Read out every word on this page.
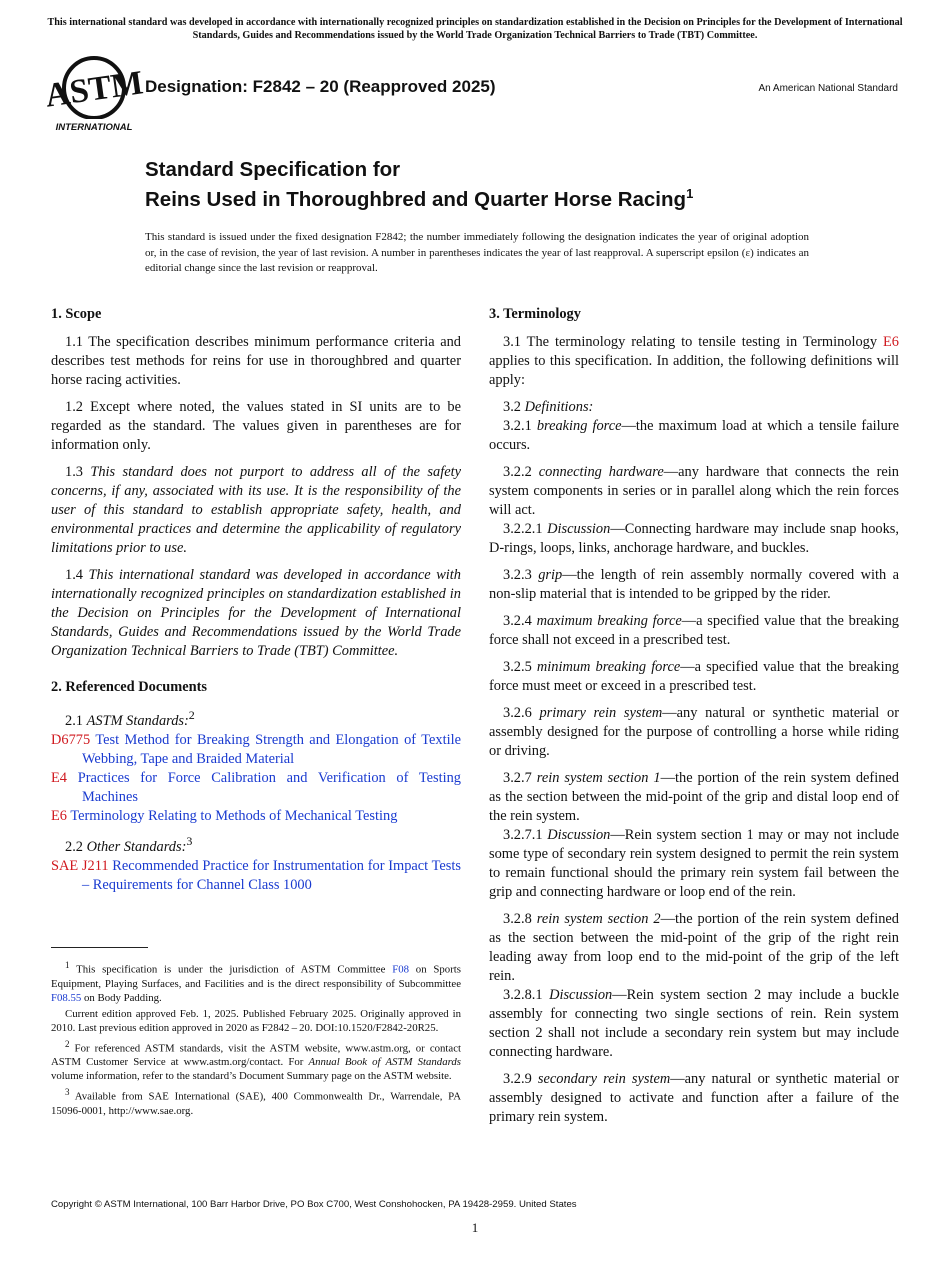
This international standard was developed in accordance with internationally recognized principles on standardization established in the Decision on Principles for the Development of International Standards, Guides and Recommendations issued by the World Trade Organization Technical Barriers to Trade (TBT) Committee.
ASTM
INTERNATIONAL
Designation: F2842 – 20 (Reapproved 2025)	An American National Standard
Standard Specification for
Reins Used in Thoroughbred and Quarter Horse Racing$^1$
This standard is issued under the fixed designation F2842; the number immediately following the designation indicates the year of original adoption or, in the case of revision, the year of last revision. A number in parentheses indicates the year of last reapproval. A superscript epsilon (ε) indicates an editorial change since the last revision or reapproval.

1. Scope

1.1 The specification describes minimum performance criteria and describes test methods for reins for use in thoroughbred and quarter horse racing activities.

1.2 Except where noted, the values stated in SI units are to be regarded as the standard. The values given in parentheses are for information only.

1.3 This standard does not purport to address all of the safety concerns, if any, associated with its use. It is the responsibility of the user of this standard to establish appropriate safety, health, and environmental practices and determine the applicability of regulatory limitations prior to use.

1.4 This international standard was developed in accordance with internationally recognized principles on standardization established in the Decision on Principles for the Development of International Standards, Guides and Recommendations issued by the World Trade Organization Technical Barriers to Trade (TBT) Committee.

2. Referenced Documents

2.1 ASTM Standards:$^2$

D6775 Test Method for Breaking Strength and Elongation of Textile Webbing, Tape and Braided Material

E4 Practices for Force Calibration and Verification of Testing Machines

E6 Terminology Relating to Methods of Mechanical Testing

2.2 Other Standards:$^3$

SAE J211 Recommended Practice for Instrumentation for Impact Tests – Requirements for Channel Class 1000

$^1$ This specification is under the jurisdiction of ASTM Committee F08 on Sports Equipment, Playing Surfaces, and Facilities and is the direct responsibility of Subcommittee F08.55 on Body Padding.

Current edition approved Feb. 1, 2025. Published February 2025. Originally approved in 2010. Last previous edition approved in 2020 as F2842 – 20. DOI:10.1520/F2842-20R25.

$^2$ For referenced ASTM standards, visit the ASTM website, www.astm.org, or contact ASTM Customer Service at www.astm.org/contact. For Annual Book of ASTM Standards volume information, refer to the standard’s Document Summary page on the ASTM website.

$^3$ Available from SAE International (SAE), 400 Commonwealth Dr., Warrendale, PA 15096-0001, http://www.sae.org.

3. Terminology

3.1 The terminology relating to tensile testing in Terminology E6 applies to this specification. In addition, the following definitions will apply:

3.2 Definitions:

3.2.1 breaking force—the maximum load at which a tensile failure occurs.

3.2.2 connecting hardware—any hardware that connects the rein system components in series or in parallel along which the rein forces will act.

3.2.2.1 Discussion—Connecting hardware may include snap hooks, D-rings, loops, links, anchorage hardware, and buckles.

3.2.3 grip—the length of rein assembly normally covered with a non-slip material that is intended to be gripped by the rider.

3.2.4 maximum breaking force—a specified value that the breaking force shall not exceed in a prescribed test.

3.2.5 minimum breaking force—a specified value that the breaking force must meet or exceed in a prescribed test.

3.2.6 primary rein system—any natural or synthetic material or assembly designed for the purpose of controlling a horse while riding or driving.

3.2.7 rein system section 1—the portion of the rein system defined as the section between the mid-point of the grip and distal loop end of the rein system.

3.2.7.1 Discussion—Rein system section 1 may or may not include some type of secondary rein system designed to permit the rein system to remain functional should the primary rein system fail between the grip and connecting hardware or loop end of the rein.

3.2.8 rein system section 2—the portion of the rein system defined as the section between the mid-point of the grip of the right rein leading away from loop end to the mid-point of the grip of the left rein.

3.2.8.1 Discussion—Rein system section 2 may include a buckle assembly for connecting two single sections of rein. Rein system section 2 shall not include a secondary rein system but may include connecting hardware.

3.2.9 secondary rein system—any natural or synthetic material or assembly designed to activate and function after a failure of the primary rein system.

Copyright © ASTM International, 100 Barr Harbor Drive, PO Box C700, West Conshohocken, PA 19428-2959. United States
1
